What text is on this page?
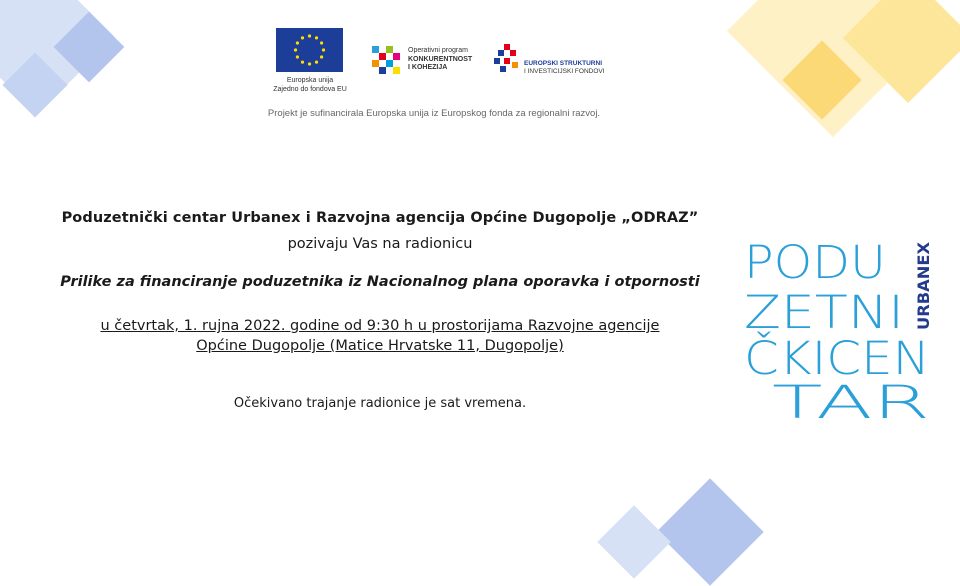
Europska unija
Zajedno do fondova EU
Operativni program
KONKURENTNOST
I KOHEZIJA
EUROPSKI STRUKTURNI
I INVESTICIJSKI FONDOVI
Projekt je sufinancirala Europska unija iz Europskog fonda za regionalni razvoj.

Poduzetnički centar Urbanex i Razvojna agencija Općine Dugopolje „ODRAZ”

pozivaju Vas na radionicu

Prilike za financiranje poduzetnika iz Nacionalnog plana oporavka i otpornosti

u četvrtak, 1. rujna 2022. godine od 9:30 h u prostorijama Razvojne agencije
Općine Dugopolje (Matice Hrvatske 11, Dugopolje)

Očekivano trajanje radionice je sat vremena.

PODU
ZETNI
ČKICEN
TAR
URBANEX
